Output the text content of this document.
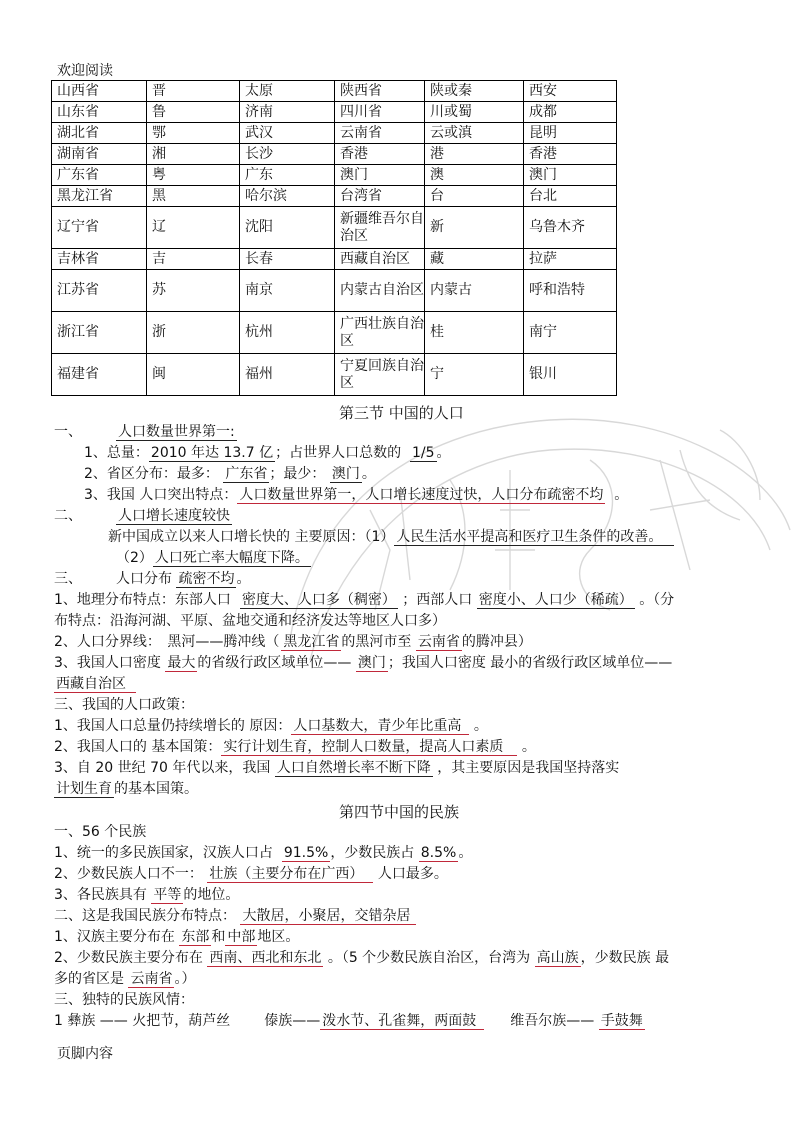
欢迎阅读
山西省	晋	太原	陕西省	陕或秦	西安
山东省	鲁	济南	四川省	川或蜀	成都
湖北省	鄂	武汉	云南省	云或滇	昆明
湖南省	湘	长沙	香港	港	香港
广东省	粤	广东	澳门	澳	澳门
黑龙江省	黑	哈尔滨	台湾省	台	台北
辽宁省	辽	沈阳	新疆维吾尔自治区	新	乌鲁木齐
吉林省	吉	长春	西藏自治区	藏	拉萨
江苏省	苏	南京	内蒙古自治区	内蒙古	呼和浩特
浙江省	浙	杭州	广西壮族自治区	桂	南宁
福建省	闽	福州	宁夏回族自治区	宁	银川
第三节 中国的人口
一、	人口数量世界第一:
1、总量： 2010 年达 13.7 亿 ；占世界人口总数的 1/5 。
2、省区分布：最多： 广东省 ；最少： 澳门 。
3、我国 人口突出特点： 人口数量世界第一，人口增长速度过快，人口分布疏密不均 。
二、	人口增长速度较快
新中国成立以来人口增长快的 主要原因：（1） 人民生活水平提高和医疗卫生条件的改善。
（2） 人口死亡率大幅度下降。
三、 人口分布 疏密不均 。
1、地理分布特点：东部人口 密度大、人口多（稠密） ；西部人口 密度小、人口少（稀疏） 。（分
布特点：沿海河湖、平原、盆地交通和经济发达等地区人口多）
2、人口分界线： 黑河——腾冲线（ 黑龙江省 的黑河市至 云南省 的腾冲县）
3、我国人口密度 最大 的省级行政区域单位—— 澳门 ；我国人口密度 最小的省级行政区域单位——
西藏自治区
三、我国的人口政策：
1、我国人口总量仍持续增长的 原因： 人口基数大，青少年比重高 。
2、我国人口的 基本国策： 实行计划生育，控制人口数量，提高人口素质 。
3、自 20 世纪 70 年代以来，我国 人口自然增长率不断下降 ，其主要原因是我国坚持落实
计划生育 的基本国策。
第四节中国的民族
一、56 个民族
1、统一的多民族国家，汉族人口占 91.5% ，少数民族占 8.5% 。
2、少数民族人口不一： 壮族（主要分布在广西） 人口最多。
3、各民族具有 平等 的地位。
二、这是我国民族分布特点： 大散居，小聚居，交错杂居
1、汉族主要分布在 东部 和 中部 地区。
2、少数民族主要分布在 西南、西北和东北 。（5 个少数民族自治区，台湾为 高山族 ，少数民族 最
多的省区是 云南省 。）
三、独特的民族风情：
1 彝族 —— 火把节，葫芦丝 傣族—— 泼水节、孔雀舞，两面鼓 维吾尔族—— 手鼓舞
页脚内容
